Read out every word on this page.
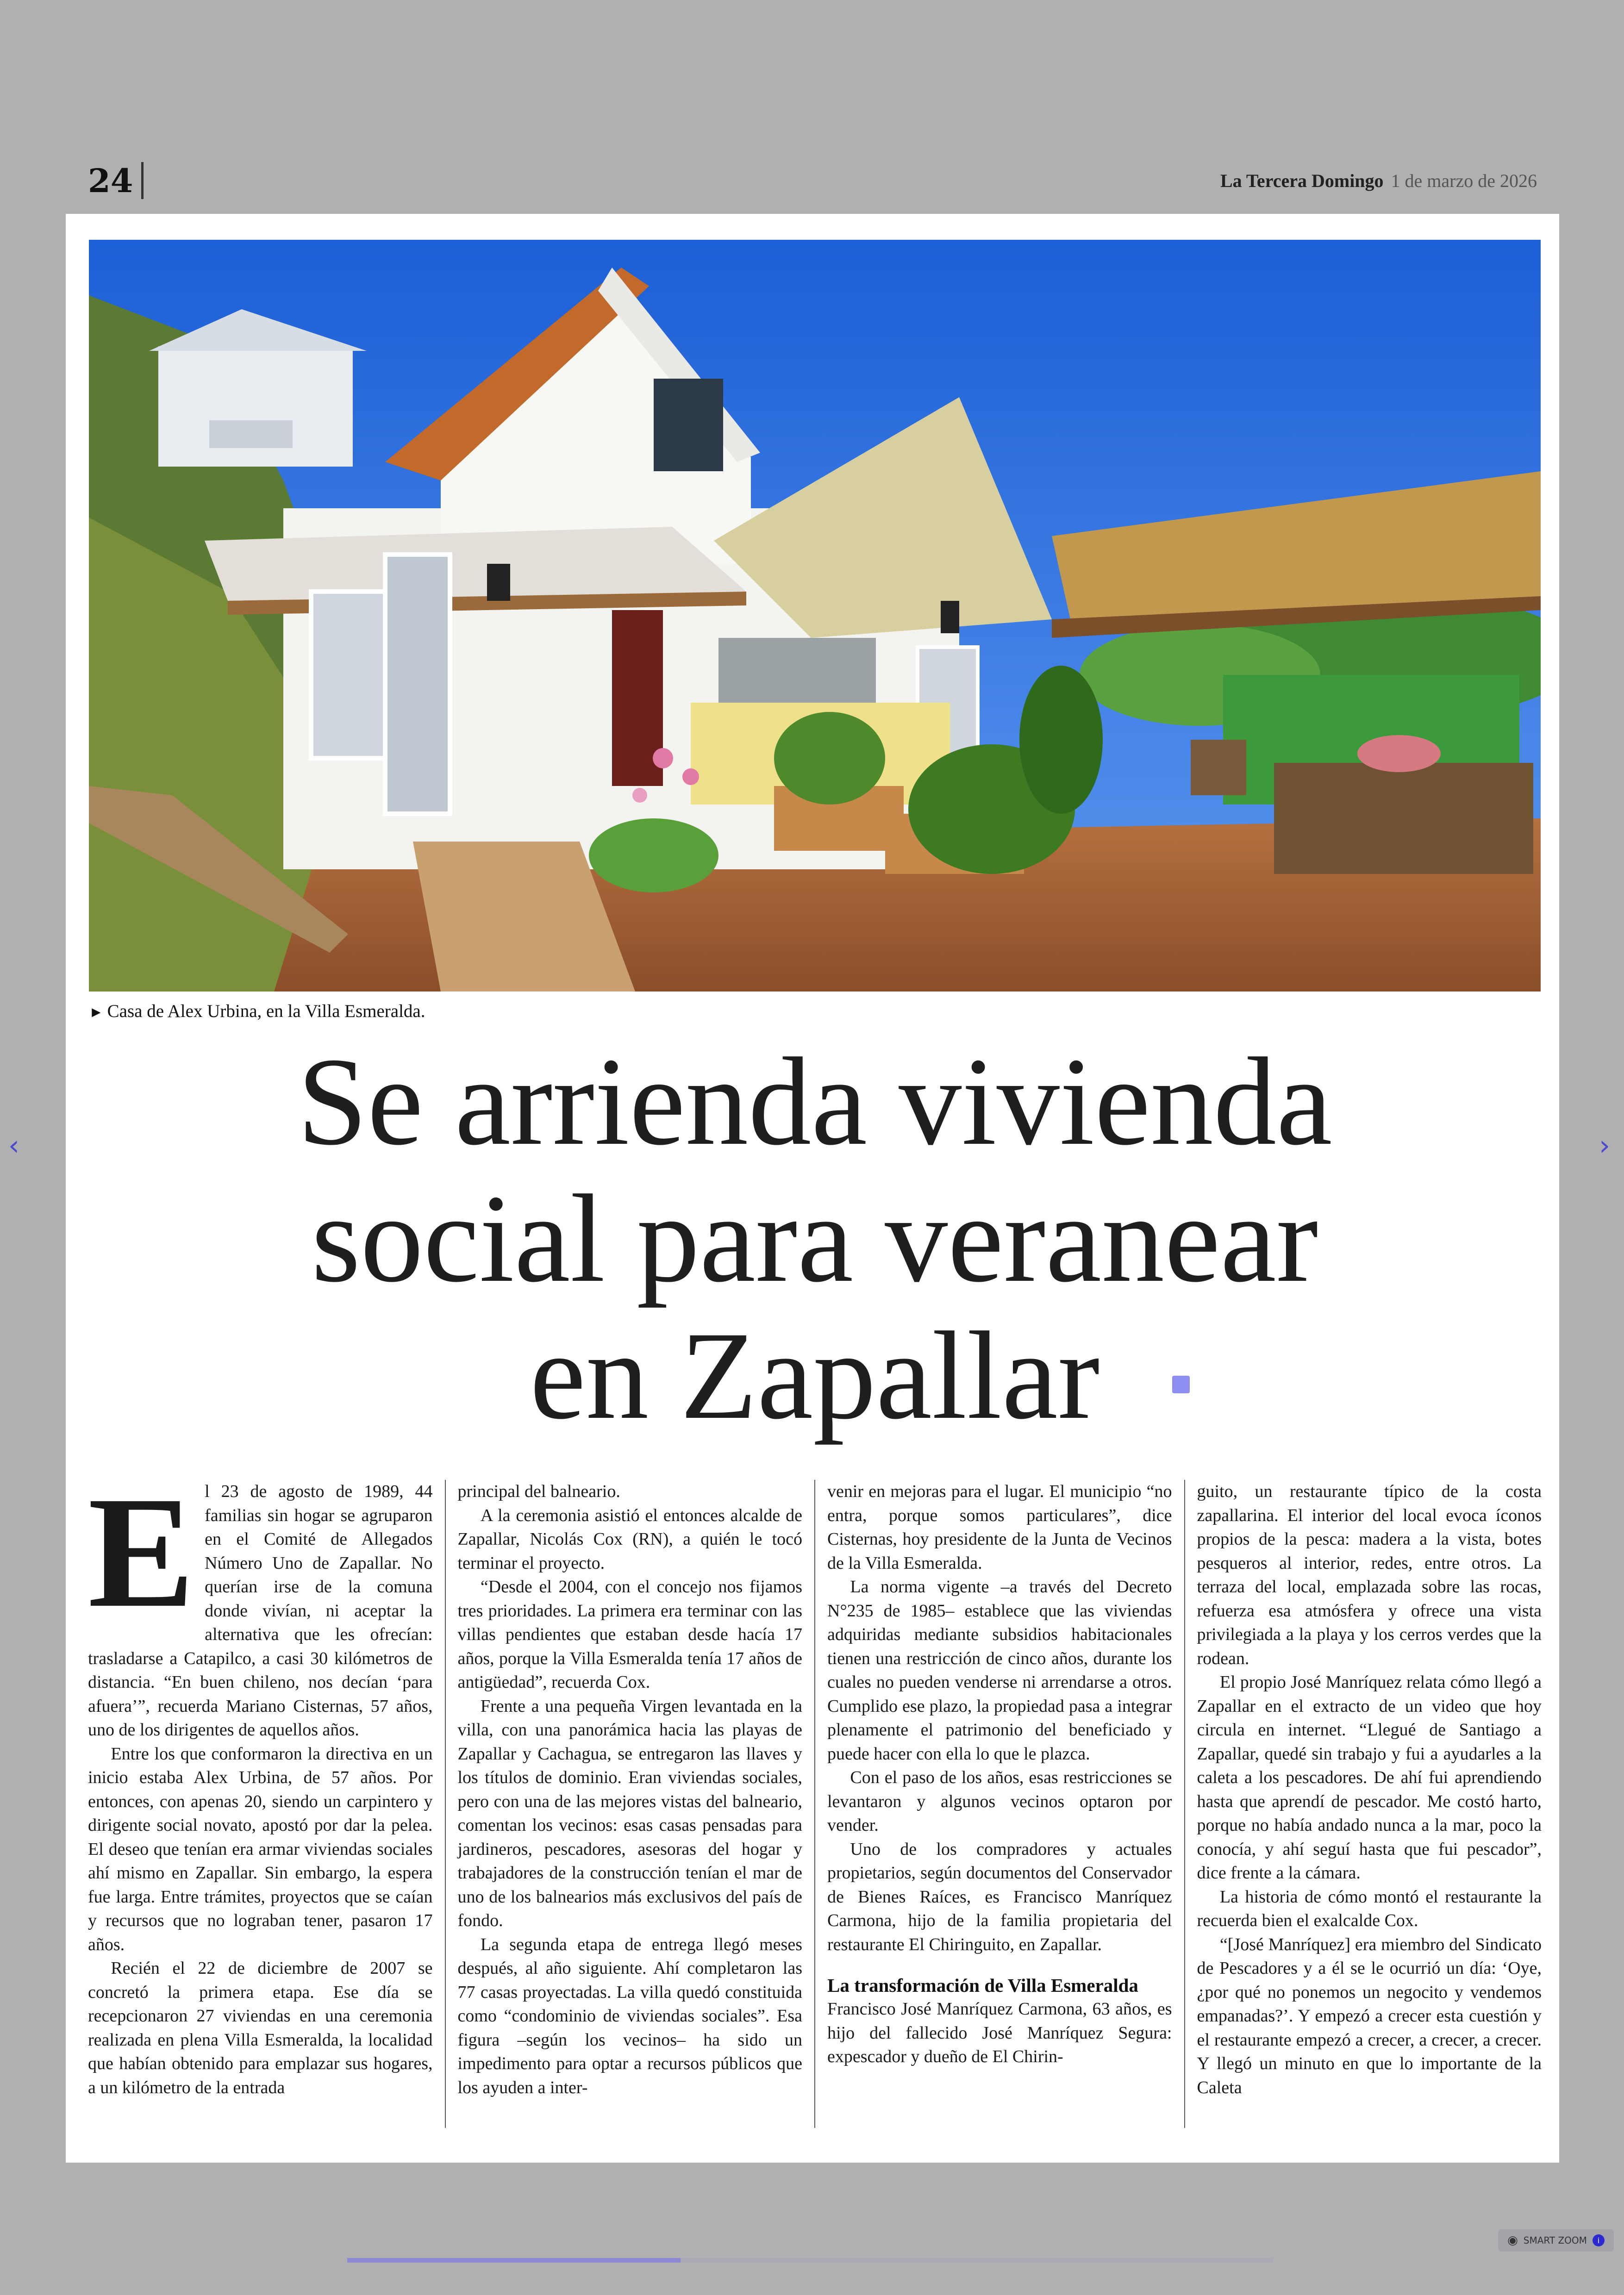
24	La Tercera Domingo 1 de marzo de 2026
► Casa de Alex Urbina, en la Villa Esmeralda.
Se arrienda vivienda
social para veranear
en Zapallar
E l 23 de agosto de 1989, 44 familias sin hogar se agruparon en el Comité de Allegados Número Uno de Zapallar. No querían irse de la comuna donde vivían, ni aceptar la alternativa que les ofrecían: trasladarse a Catapilco, a casi 30 kilómetros de distancia. “En buen chileno, nos decían ‘para afuera’”, recuerda Mariano Cisternas, 57 años, uno de los dirigentes de aquellos años.

Entre los que conformaron la directiva en un inicio estaba Alex Urbina, de 57 años. Por entonces, con apenas 20, siendo un carpintero y dirigente social novato, apostó por dar la pelea. El deseo que tenían era armar viviendas sociales ahí mismo en Zapallar. Sin embargo, la espera fue larga. Entre trámites, proyectos que se caían y recursos que no lograban tener, pasaron 17 años.

Recién el 22 de diciembre de 2007 se concretó la primera etapa. Ese día se recepcionaron 27 viviendas en una ceremonia realizada en plena Villa Esmeralda, la localidad que habían obtenido para emplazar sus hogares, a un kilómetro de la entrada

principal del balneario.

A la ceremonia asistió el entonces alcalde de Zapallar, Nicolás Cox (RN), a quién le tocó terminar el proyecto.

“Desde el 2004, con el concejo nos fijamos tres prioridades. La primera era terminar con las villas pendientes que estaban desde hacía 17 años, porque la Villa Esmeralda tenía 17 años de antigüedad”, recuerda Cox.

Frente a una pequeña Virgen levantada en la villa, con una panorámica hacia las playas de Zapallar y Cachagua, se entregaron las llaves y los títulos de dominio. Eran viviendas sociales, pero con una de las mejores vistas del balneario, comentan los vecinos: esas casas pensadas para jardineros, pescadores, asesoras del hogar y trabajadores de la construcción tenían el mar de uno de los balnearios más exclusivos del país de fondo.

La segunda etapa de entrega llegó meses después, al año siguiente. Ahí completaron las 77 casas proyectadas. La villa quedó constituida como “condominio de viviendas sociales”. Esa figura –según los vecinos– ha sido un impedimento para optar a recursos públicos que los ayuden a inter-

venir en mejoras para el lugar. El municipio “no entra, porque somos particulares”, dice Cisternas, hoy presidente de la Junta de Vecinos de la Villa Esmeralda.

La norma vigente –a través del Decreto N°235 de 1985– establece que las viviendas adquiridas mediante subsidios habitacionales tienen una restricción de cinco años, durante los cuales no pueden venderse ni arrendarse a otros. Cumplido ese plazo, la propiedad pasa a integrar plenamente el patrimonio del beneficiado y puede hacer con ella lo que le plazca.

Con el paso de los años, esas restricciones se levantaron y algunos vecinos optaron por vender.

Uno de los compradores y actuales propietarios, según documentos del Conservador de Bienes Raíces, es Francisco Manríquez Carmona, hijo de la familia propietaria del restaurante El Chiringuito, en Zapallar.

La transformación de Villa Esmeralda

Francisco José Manríquez Carmona, 63 años, es hijo del fallecido José Manríquez Segura: expescador y dueño de El Chirin-

guito, un restaurante típico de la costa zapallarina. El interior del local evoca íconos propios de la pesca: madera a la vista, botes pesqueros al interior, redes, entre otros. La terraza del local, emplazada sobre las rocas, refuerza esa atmósfera y ofrece una vista privilegiada a la playa y los cerros verdes que la rodean.

El propio José Manríquez relata cómo llegó a Zapallar en el extracto de un video que hoy circula en internet. “Llegué de Santiago a Zapallar, quedé sin trabajo y fui a ayudarles a la caleta a los pescadores. De ahí fui aprendiendo hasta que aprendí de pescador. Me costó harto, porque no había andado nunca a la mar, poco la conocía, y ahí seguí hasta que fui pescador”, dice frente a la cámara.

La historia de cómo montó el restaurante la recuerda bien el exalcalde Cox.

“[José Manríquez] era miembro del Sindicato de Pescadores y a él se le ocurrió un día: ‘Oye, ¿por qué no ponemos un negocito y vendemos empanadas?’. Y empezó a crecer esta cuestión y el restaurante empezó a crecer, a crecer, a crecer. Y llegó un minuto en que lo importante de la Caleta

‹	›
◉ SMART ZOOM	i
